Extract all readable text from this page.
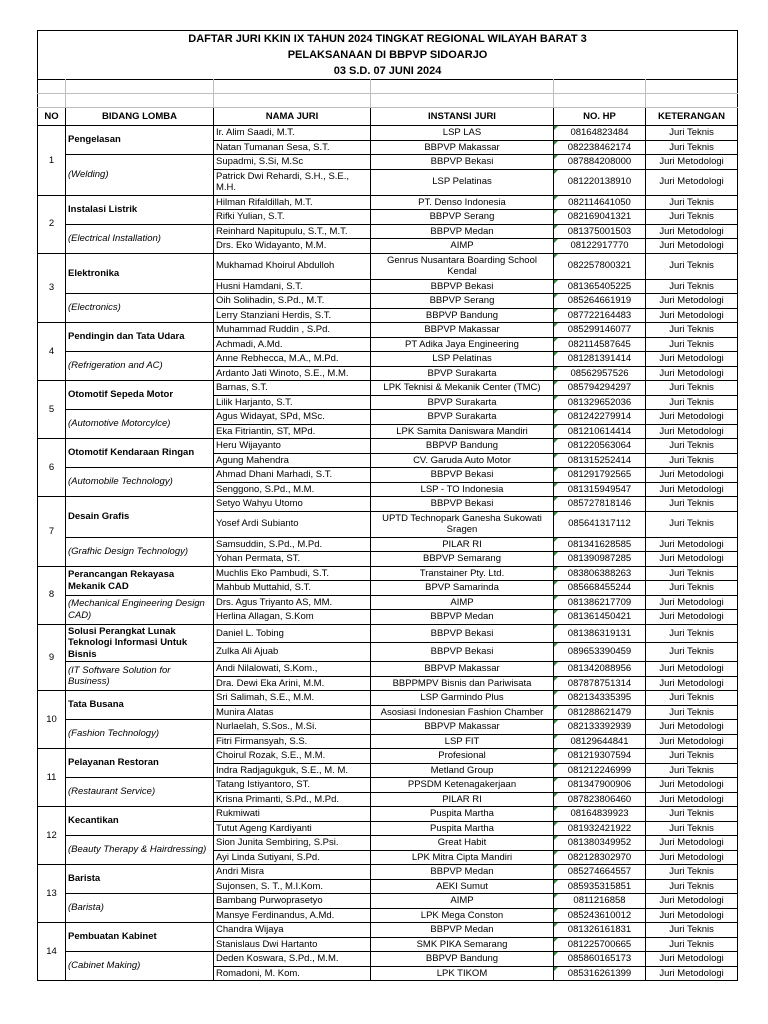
DAFTAR JURI KKIN IX TAHUN 2024 TINGKAT REGIONAL WILAYAH BARAT 3					
PELAKSANAAN DI BBPVP SIDOARJO					
03 S.D. 07 JUNI 2024					

NO	BIDANG LOMBA	NAMA JURI	INSTANSI JURI	NO. HP	KETERANGAN
1	Pengelasan	Ir. Alim Saadi, M.T.	LSP LAS	08164823484	Juri Teknis
		Natan Tumanan Sesa, S.T.	BBPVP Makassar	082238462174	Juri Teknis
	(Welding)	Supadmi, S.Si, M.Sc	BBPVP Bekasi	087884208000	Juri Metodologi
		Patrick Dwi Rehardi, S.H., S.E., M.H.	LSP Pelatinas	081220138910	Juri Metodologi
2	Instalasi Listrik	Hilman Rifaldillah, M.T.	PT. Denso Indonesia	082114641050	Juri Teknis
		Rifki Yulian, S.T.	BBPVP Serang	082169041321	Juri Teknis
	(Electrical Installation)	Reinhard Napitupulu, S.T., M.T.	BBPVP Medan	081375001503	Juri Metodologi
		Drs. Eko Widayanto, M.M.	AIMP	08122917770	Juri Metodologi
3	Elektronika	Mukhamad Khoirul Abdulloh	Genrus Nusantara Boarding School Kendal	082257800321	Juri Teknis
		Husni Hamdani, S.T.	BBPVP Bekasi	081365405225	Juri Teknis
	(Electronics)	Oih Solihadin, S.Pd., M.T.	BBPVP Serang	085264661919	Juri Metodologi
		Lerry Stanziani Herdis, S.T.	BBPVP Bandung	087722164483	Juri Metodologi
4	Pendingin dan Tata Udara	Muhammad Ruddin , S.Pd.	BBPVP Makassar	085299146077	Juri Teknis
		Achmadi, A.Md.	PT Adika Jaya Engineering	082114587645	Juri Teknis
	(Refrigeration and AC)	Anne Rebhecca, M.A., M.Pd.	LSP Pelatinas	081281391414	Juri Metodologi
		Ardanto Jati Winoto, S.E., M.M.	BPVP Surakarta	08562957526	Juri Metodologi
5	Otomotif Sepeda Motor	Barnas, S.T.	LPK Teknisi & Mekanik Center (TMC)	085794294297	Juri Teknis
		Lilik Harjanto, S.T.	BPVP Surakarta	081329652036	Juri Teknis
	(Automotive Motorcylce)	Agus Widayat, SPd, MSc.	BPVP Surakarta	081242279914	Juri Metodologi
		Eka Fitriantin, ST, MPd.	LPK Samita Daniswara Mandiri	081210614414	Juri Metodologi
6	Otomotif Kendaraan Ringan	Heru Wijayanto	BBPVP Bandung	081220563064	Juri Teknis
		Agung Mahendra	CV. Garuda Auto Motor	081315252414	Juri Teknis
	(Automobile Technology)	Ahmad Dhani Marhadi, S.T.	BBPVP Bekasi	081291792565	Juri Metodologi
		Senggono, S.Pd., M.M.	LSP - TO Indonesia	081315949547	Juri Metodologi
7	Desain Grafis	Setyo Wahyu Utomo	BBPVP Bekasi	085727818146	Juri Teknis
		Yosef Ardi Subianto	UPTD Technopark Ganesha Sukowati Sragen	085641317112	Juri Teknis
	(Grafhic Design Technology)	Samsuddin, S.Pd., M.Pd.	PILAR RI	081341628585	Juri Metodologi
		Yohan Permata, ST.	BBPVP Semarang	081390987285	Juri Metodologi
8	Perancangan Rekayasa Mekanik CAD	Muchlis Eko Pambudi, S.T.	Transtainer Pty. Ltd.	083806388263	Juri Teknis
		Mahbub Muttahid, S.T.	BPVP Samarinda	085668455244	Juri Teknis
	(Mechanical Engineering Design CAD)	Drs. Agus Triyanto AS, MM.	AIMP	081386217709	Juri Metodologi
		Herlina Allagan, S.Kom	BBPVP Medan	081361450421	Juri Metodologi
9	Solusi Perangkat Lunak Teknologi Informasi Untuk Bisnis	Daniel L. Tobing	BBPVP Bekasi	081386319131	Juri Teknis
		Zulka Ali Ajuab	BBPVP Bekasi	089653390459	Juri Teknis
	(IT Software Solution for Business)	Andi Nilalowati, S.Kom.,	BBPVP Makassar	081342088956	Juri Metodologi
		Dra. Dewi Eka Arini, M.M.	BBPPMPV Bisnis dan Pariwisata	087878751314	Juri Metodologi
10	Tata Busana	Sri Salimah, S.E., M.M.	LSP Garmindo Plus	082134335395	Juri Teknis
		Munira Alatas	Asosiasi Indonesian Fashion Chamber	081288621479	Juri Teknis
	(Fashion Technology)	Nurlaelah, S.Sos., M.Si.	BBPVP Makassar	082133392939	Juri Metodologi
		Fitri Firmansyah, S.S.	LSP FIT	08129644841	Juri Metodologi
11	Pelayanan Restoran	Choirul Rozak, S.E., M.M.	Profesional	081219307594	Juri Teknis
		Indra Radjagukguk, S.E., M. M.	Metland Group	081212246999	Juri Teknis
	(Restaurant Service)	Tatang Istiyantoro, ST.	PPSDM Ketenagakerjaan	081347900906	Juri Metodologi
		Krisna Primanti, S.Pd., M.Pd.	PILAR RI	087823806460	Juri Metodologi
12	Kecantikan	Rukmiwati	Puspita Martha	08164839923	Juri Teknis
		Tutut Ageng Kardiyanti	Puspita Martha	081932421922	Juri Teknis
	(Beauty Therapy & Hairdressing)	Sion Junita Sembiring, S.Psi.	Great Habit	081380349952	Juri Metodologi
		Ayi Linda Sutiyani, S.Pd.	LPK Mitra Cipta Mandiri	082128302970	Juri Metodologi
13	Barista	Andri Misra	BBPVP Medan	085274664557	Juri Teknis
		Sujonsen, S. T., M.I.Kom.	AEKI Sumut	085935315851	Juri Teknis
	(Barista)	Bambang Purwoprasetyo	AIMP	0811216858	Juri Metodologi
		Mansye Ferdinandus, A.Md.	LPK Mega Conston	085243610012	Juri Metodologi
14	Pembuatan Kabinet	Chandra Wijaya	BBPVP Medan	081326161831	Juri Teknis
		Stanislaus Dwi Hartanto	SMK PIKA Semarang	081225700665	Juri Teknis
	(Cabinet Making)	Deden Koswara, S.Pd., M.M.	BBPVP Bandung	085860165173	Juri Metodologi
		Romadoni, M. Kom.	LPK TIKOM	085316261399	Juri Metodologi
